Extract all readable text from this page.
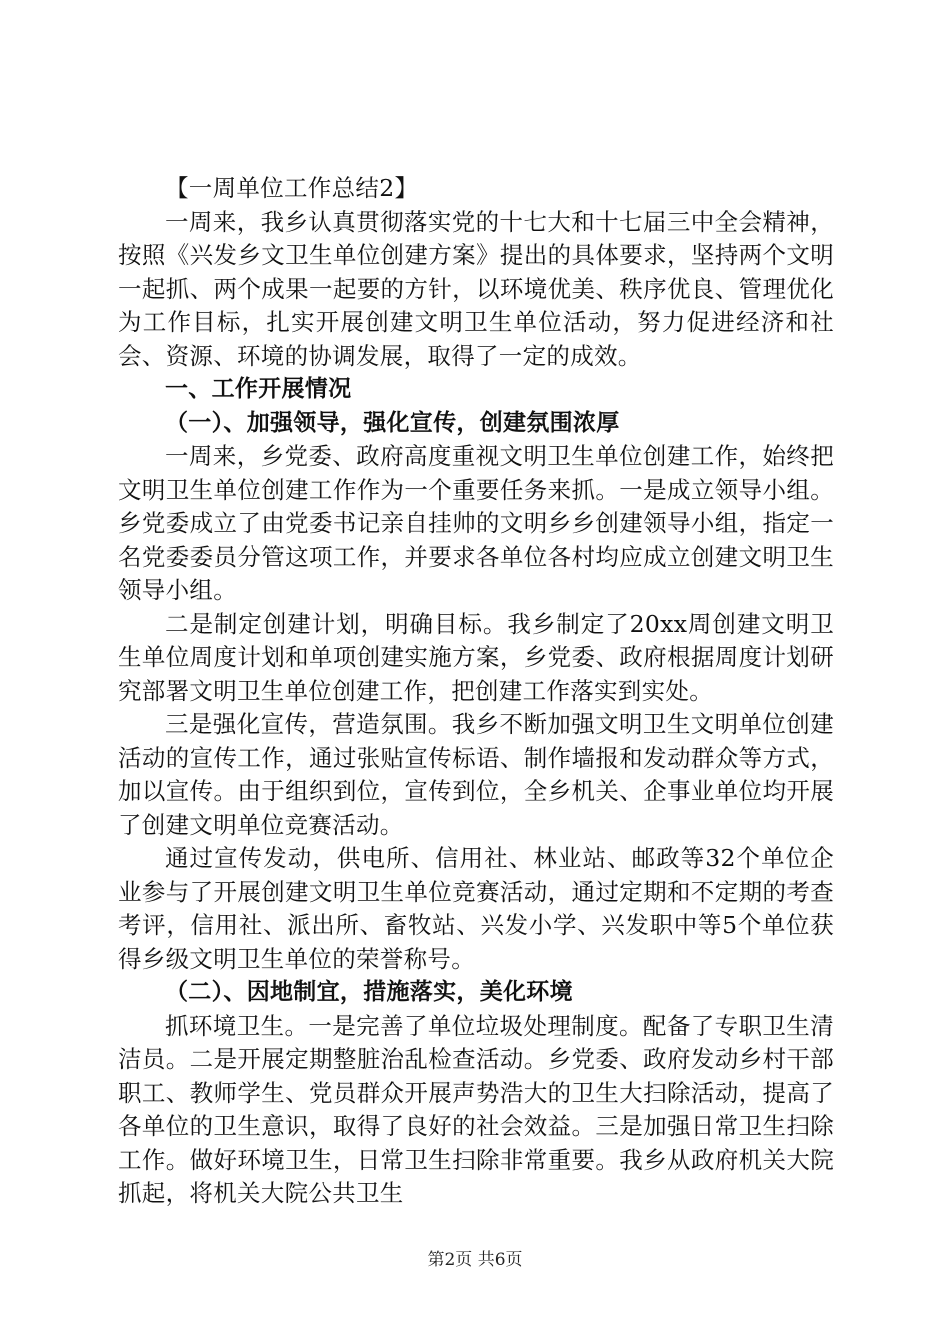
【一周单位工作总结2】

一周来，我乡认真贯彻落实党的十七大和十七届三中全会精神，按照《兴发乡文卫生单位创建方案》提出的具体要求，坚持两个文明一起抓、两个成果一起要的方针，以环境优美、秩序优良、管理优化为工作目标，扎实开展创建文明卫生单位活动，努力促进经济和社会、资源、环境的协调发展，取得了一定的成效。

一、工作开展情况

（一）、加强领导，强化宣传，创建氛围浓厚

一周来，乡党委、政府高度重视文明卫生单位创建工作，始终把文明卫生单位创建工作作为一个重要任务来抓。一是成立领导小组。乡党委成立了由党委书记亲自挂帅的文明乡乡创建领导小组，指定一名党委委员分管这项工作，并要求各单位各村均应成立创建文明卫生领导小组。

二是制定创建计划，明确目标。我乡制定了20xx周创建文明卫生单位周度计划和单项创建实施方案，乡党委、政府根据周度计划研究部署文明卫生单位创建工作，把创建工作落实到实处。

三是强化宣传，营造氛围。我乡不断加强文明卫生文明单位创建活动的宣传工作，通过张贴宣传标语、制作墙报和发动群众等方式，加以宣传。由于组织到位，宣传到位，全乡机关、企事业单位均开展了创建文明单位竞赛活动。

通过宣传发动，供电所、信用社、林业站、邮政等32个单位企业参与了开展创建文明卫生单位竞赛活动，通过定期和不定期的考查考评，信用社、派出所、畜牧站、兴发小学、兴发职中等5个单位获得乡级文明卫生单位的荣誉称号。

（二）、因地制宜，措施落实，美化环境

抓环境卫生。一是完善了单位垃圾处理制度。配备了专职卫生清洁员。二是开展定期整脏治乱检查活动。乡党委、政府发动乡村干部职工、教师学生、党员群众开展声势浩大的卫生大扫除活动，提高了各单位的卫生意识，取得了良好的社会效益。三是加强日常卫生扫除工作。做好环境卫生，日常卫生扫除非常重要。我乡从政府机关大院抓起，将机关大院公共卫生

第2页 共6页
